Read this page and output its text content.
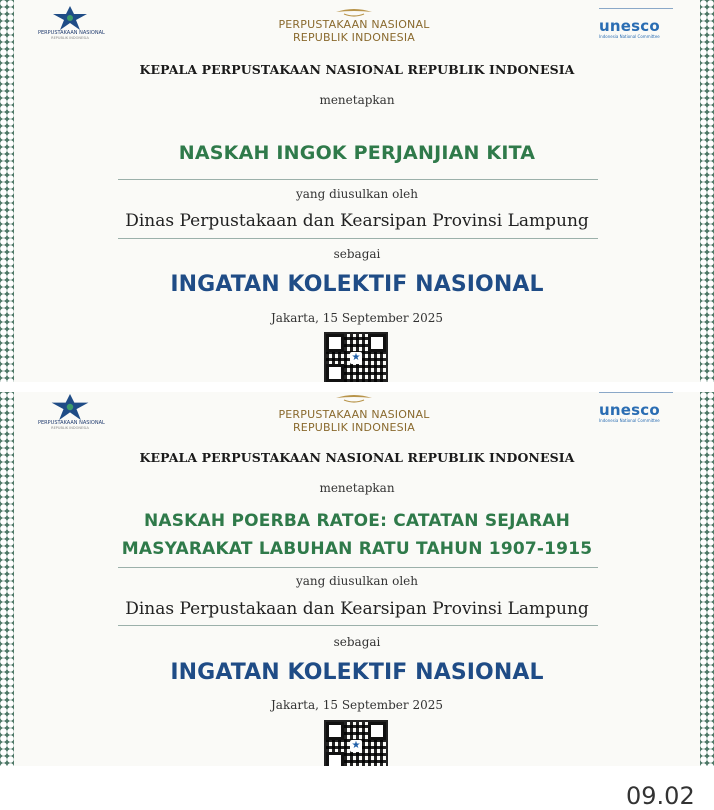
PERPUSTAKAAN NASIONAL
REPUBLIK INDONESIA
PERPUSTAKAAN NASIONAL
REPUBLIK INDONESIA
unesco
Indonesia National Committee
KEPALA PERPUSTAKAAN NASIONAL REPUBLIK INDONESIA
menetapkan
NASKAH INGOK PERJANJIAN KITA
yang diusulkan oleh
Dinas Perpustakaan dan Kearsipan Provinsi Lampung
sebagai
INGATAN KOLEKTIF NASIONAL
Jakarta, 15 September 2025
★
PERPUSTAKAAN NASIONAL
REPUBLIK INDONESIA
PERPUSTAKAAN NASIONAL
REPUBLIK INDONESIA
unesco
Indonesia National Committee
KEPALA PERPUSTAKAAN NASIONAL REPUBLIK INDONESIA
menetapkan
NASKAH POERBA RATOE: CATATAN SEJARAH
MASYARAKAT LABUHAN RATU TAHUN 1907-1915
yang diusulkan oleh
Dinas Perpustakaan dan Kearsipan Provinsi Lampung
sebagai
INGATAN KOLEKTIF NASIONAL
Jakarta, 15 September 2025
★
09.02
